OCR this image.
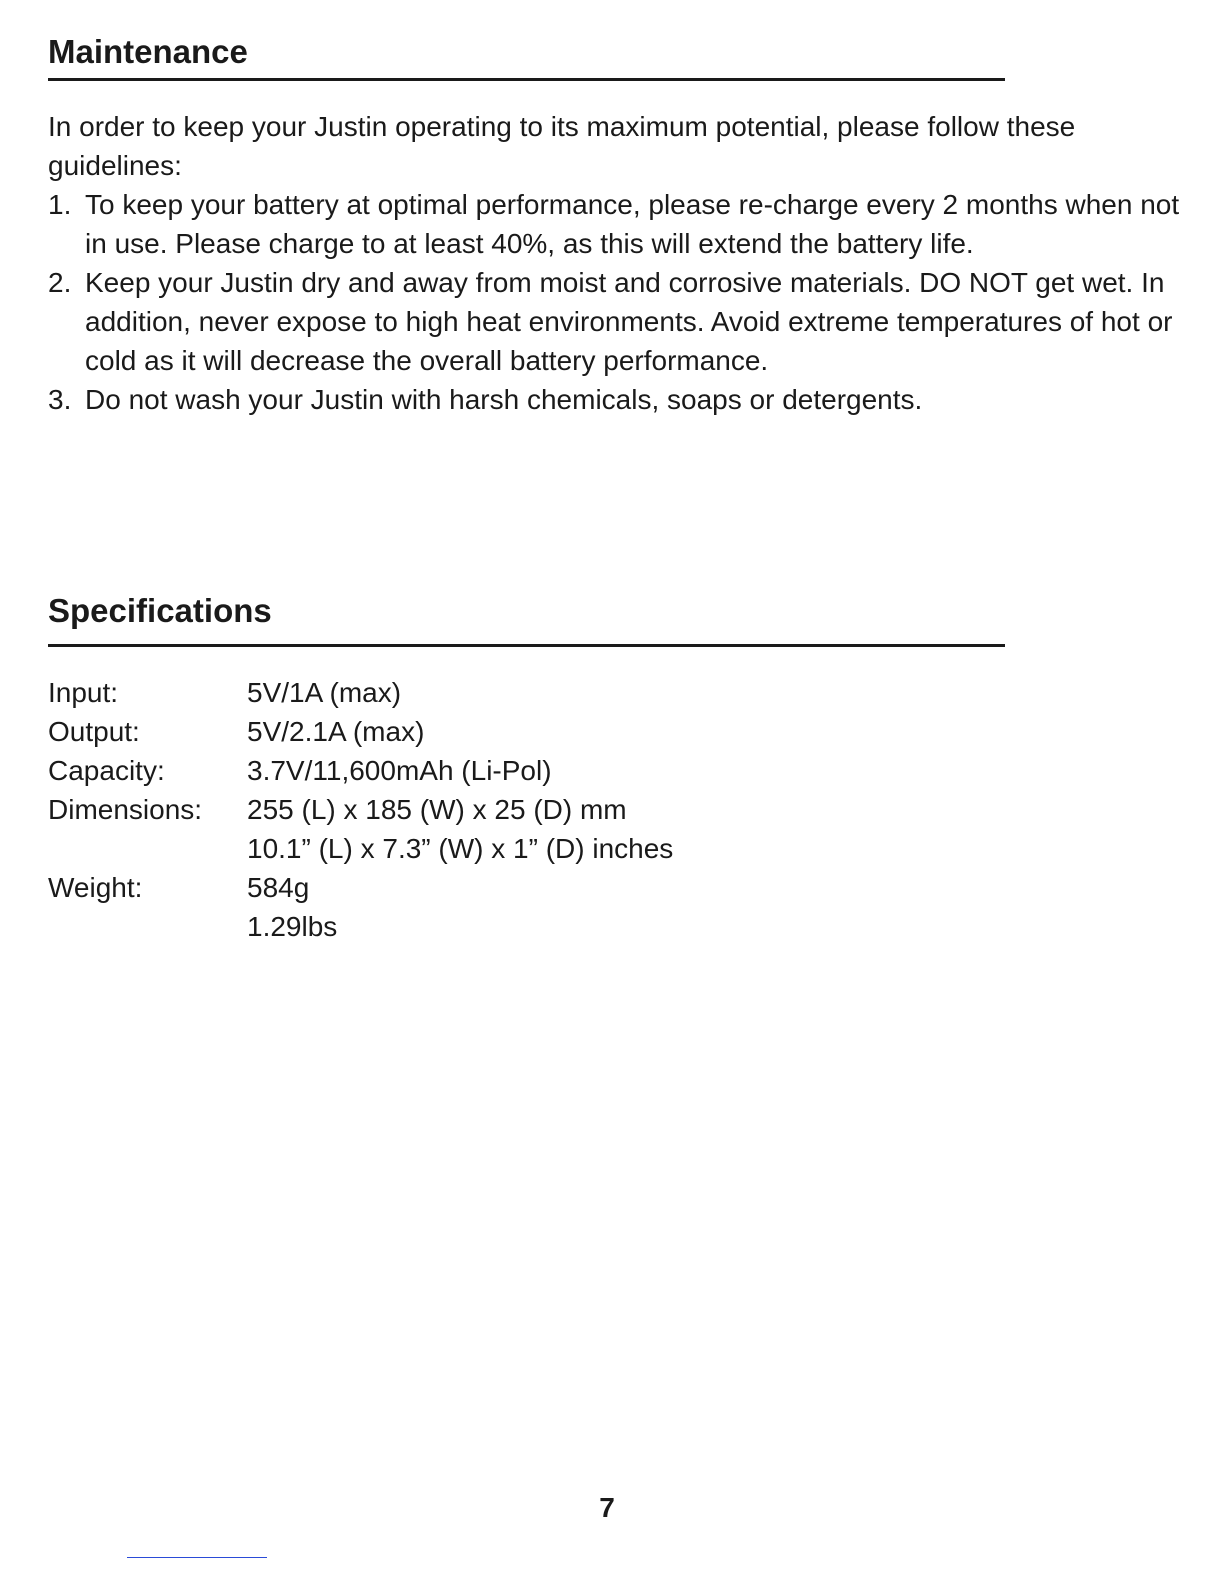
Maintenance

In order to keep your Justin operating to its maximum potential, please follow these guidelines:

1. To keep your battery at optimal performance, please re-charge every 2 months when not in use. Please charge to at least 40%, as this will extend the battery life.
2. Keep your Justin dry and away from moist and corrosive materials. DO NOT get wet. In addition, never expose to high heat environments. Avoid extreme temperatures of hot or cold as it will decrease the overall battery performance.
3. Do not wash your Justin with harsh chemicals, soaps or detergents.
Specifications
Input:	5V/1A (max)
Output:	5V/2.1A (max)
Capacity:	3.7V/11,600mAh (Li-Pol)
Dimensions:	255 (L) x 185 (W) x 25 (D) mm
10.1” (L) x 7.3” (W) x 1” (D) inches
Weight:	584g
1.29lbs
7
